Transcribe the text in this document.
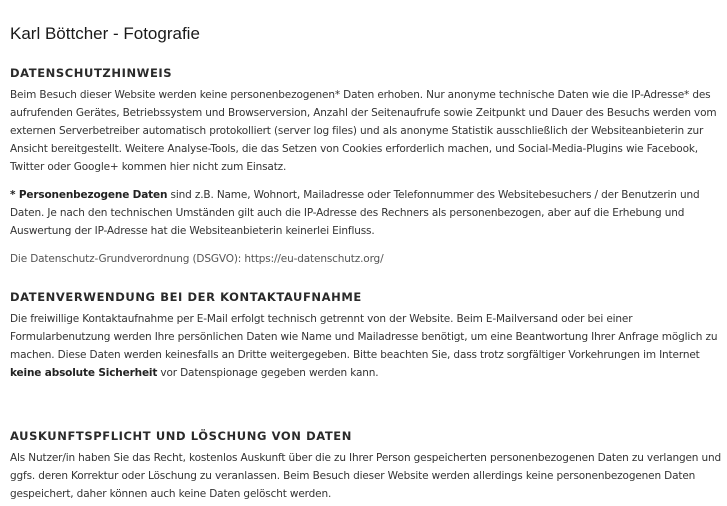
Karl Böttcher - Fotografie
DATENSCHUTZHINWEIS

Beim Besuch dieser Website werden keine personenbezogenen* Daten erhoben. Nur anonyme technische Daten wie die IP-Adresse* des aufrufenden Gerätes, Betriebssystem und Browserversion, Anzahl der Seitenaufrufe sowie Zeitpunkt und Dauer des Besuchs werden vom externen Serverbetreiber automatisch protokolliert (server log files) und als anonyme Statistik ausschließlich der Websiteanbieterin zur Ansicht bereitgestellt. Weitere Analyse-Tools, die das Setzen von Cookies erforderlich machen, und Social-Media-Plugins wie Facebook, Twitter oder Google+ kommen hier nicht zum Einsatz.

* Personenbezogene Daten sind z.B. Name, Wohnort, Mailadresse oder Telefonnummer des Websitebesuchers / der Benutzerin und Daten. Je nach den technischen Umständen gilt auch die IP-Adresse des Rechners als personenbezogen, aber auf die Erhebung und Auswertung der IP-Adresse hat die Websiteanbieterin keinerlei Einfluss.

Die Datenschutz-Grundverordnung (DSGVO): https://eu-datenschutz.org/

DATENVERWENDUNG BEI DER KONTAKTAUFNAHME

Die freiwillige Kontaktaufnahme per E-Mail erfolgt technisch getrennt von der Website. Beim E-Mailversand oder bei einer Formularbenutzung werden Ihre persönlichen Daten wie Name und Mailadresse benötigt, um eine Beantwortung Ihrer Anfrage möglich zu machen. Diese Daten werden keinesfalls an Dritte weitergegeben. Bitte beachten Sie, dass trotz sorgfältiger Vorkehrungen im Internet keine absolute Sicherheit vor Datenspionage gegeben werden kann.

AUSKUNFTSPFLICHT UND LÖSCHUNG VON DATEN

Als Nutzer/in haben Sie das Recht, kostenlos Auskunft über die zu Ihrer Person gespeicherten personenbezogenen Daten zu verlangen und ggfs. deren Korrektur oder Löschung zu veranlassen. Beim Besuch dieser Website werden allerdings keine personenbezogenen Daten gespeichert, daher können auch keine Daten gelöscht werden.
